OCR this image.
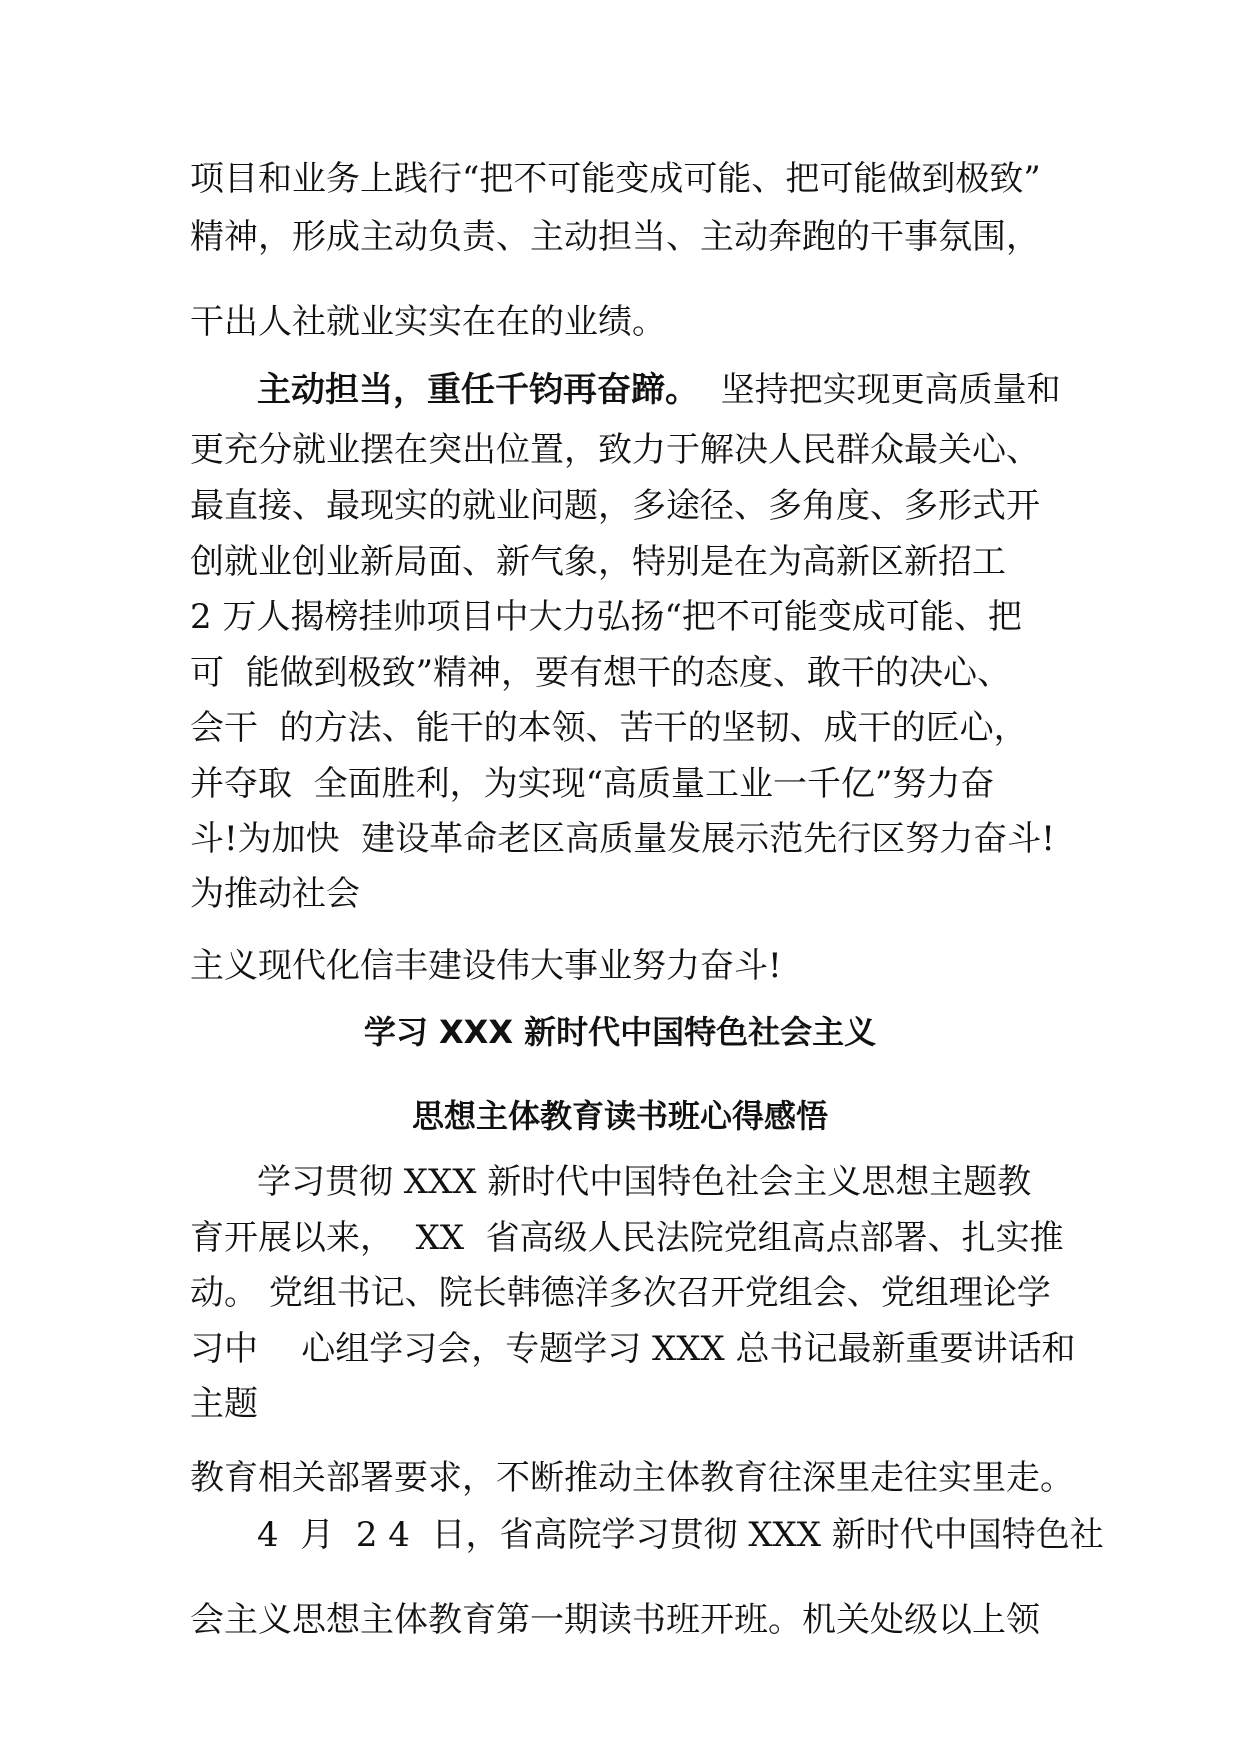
项目和业务上践行“把不可能变成可能、把可能做到极致”

精神，形成主动负责、主动担当、主动奔跑的干事氛围，

干出人社就业实实在在的业绩。

主动担当，重任千钧再奋蹄。 坚持把实现更高质量和

更充分就业摆在突出位置，致力于解决人民群众最关心、

最直接、最现实的就业问题，多途径、多角度、多形式开

创就业创业新局面、新气象，特别是在为高新区新招工

2 万人揭榜挂帅项目中大力弘扬“把不可能变成可能、把

可  能做到极致”精神，要有想干的态度、敢干的决心、

会干  的方法、能干的本领、苦干的坚韧、成干的匠心，

并夺取  全面胜利，为实现“高质量工业一千亿”努力奋

斗!为加快  建设革命老区高质量发展示范先行区努力奋斗!

为推动社会

主义现代化信丰建设伟大事业努力奋斗!

学习 XXX 新时代中国特色社会主义
思想主体教育读书班心得感悟

学习贯彻 XXX 新时代中国特色社会主义思想主题教

育开展以来，  XX  省高级人民法院党组高点部署、扎实推

动。 党组书记、院长韩德洋多次召开党组会、党组理论学

习中    心组学习会，专题学习 XXX 总书记最新重要讲话和

主题

教育相关部署要求，不断推动主体教育往深里走往实里走。

4  月  2 4  日，省高院学习贯彻 XXX 新时代中国特色社

会主义思想主体教育第一期读书班开班。机关处级以上领
